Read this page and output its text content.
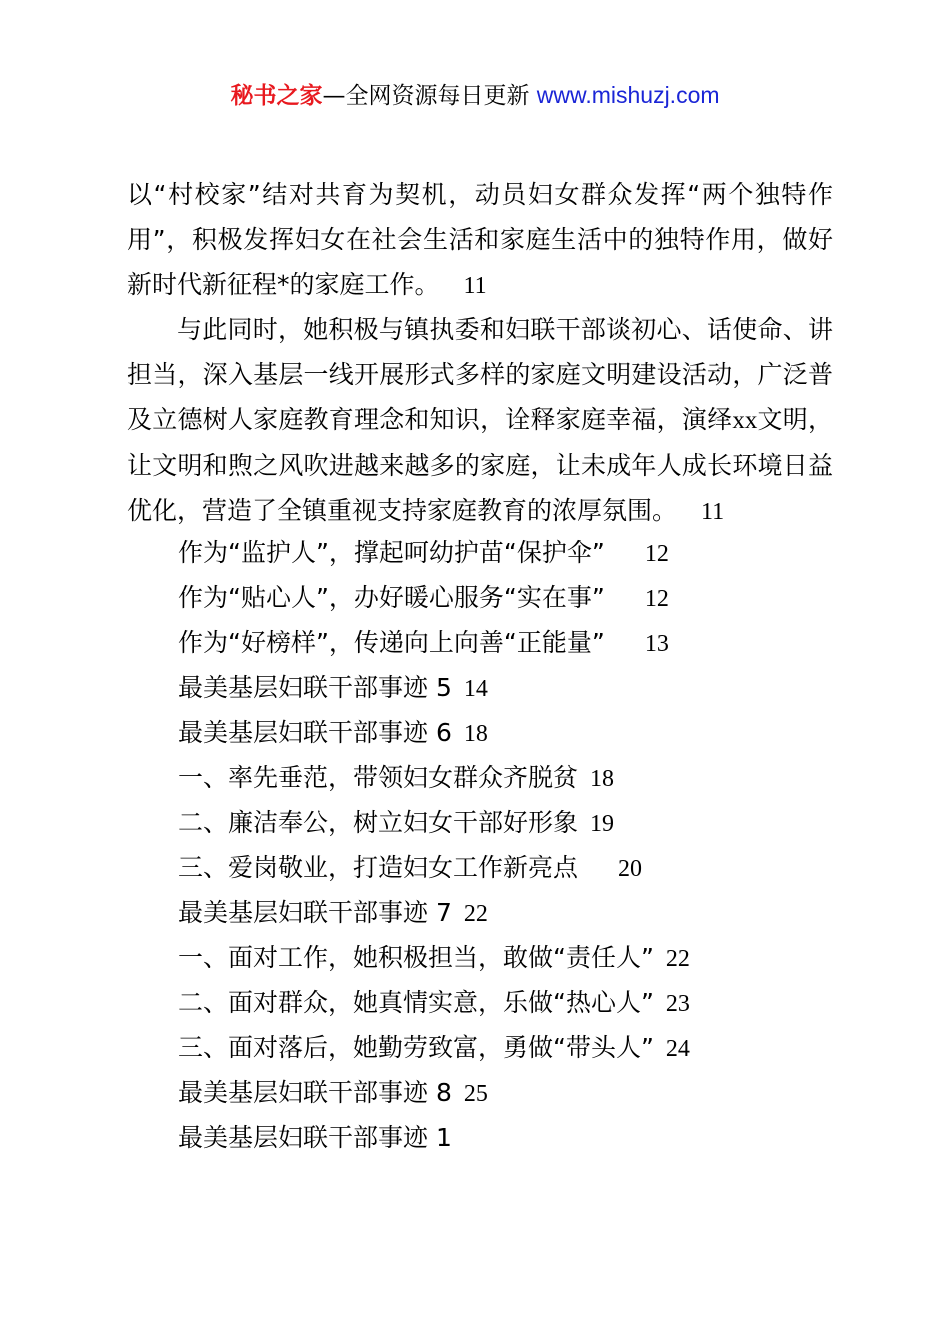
秘书之家—全网资源每日更新 www.mishuzj.com
以“村校家”结对共育为契机，动员妇女群众发挥“两个独特作用”，积极发挥妇女在社会生活和家庭生活中的独特作用，做好新时代新征程*的家庭工作。 11
与此同时，她积极与镇执委和妇联干部谈初心、话使命、讲担当，深入基层一线开展形式多样的家庭文明建设活动，广泛普及立德树人家庭教育理念和知识，诠释家庭幸福，演绎xx文明，让文明和煦之风吹进越来越多的家庭，让未成年人成长环境日益优化，营造了全镇重视支持家庭教育的浓厚氛围。 11
作为“监护人”，撑起呵幼护苗“保护伞” 12
作为“贴心人”，办好暖心服务“实在事” 12
作为“好榜样”，传递向上向善“正能量” 13
最美基层妇联干部事迹 5 14
最美基层妇联干部事迹 6 18
一、率先垂范，带领妇女群众齐脱贫 18
二、廉洁奉公，树立妇女干部好形象 19
三、爱岗敬业，打造妇女工作新亮点 20
最美基层妇联干部事迹 7 22
一、面对工作，她积极担当，敢做“责任人” 22
二、面对群众，她真情实意，乐做“热心人” 23
三、面对落后，她勤劳致富，勇做“带头人” 24
最美基层妇联干部事迹 8 25
最美基层妇联干部事迹 1
